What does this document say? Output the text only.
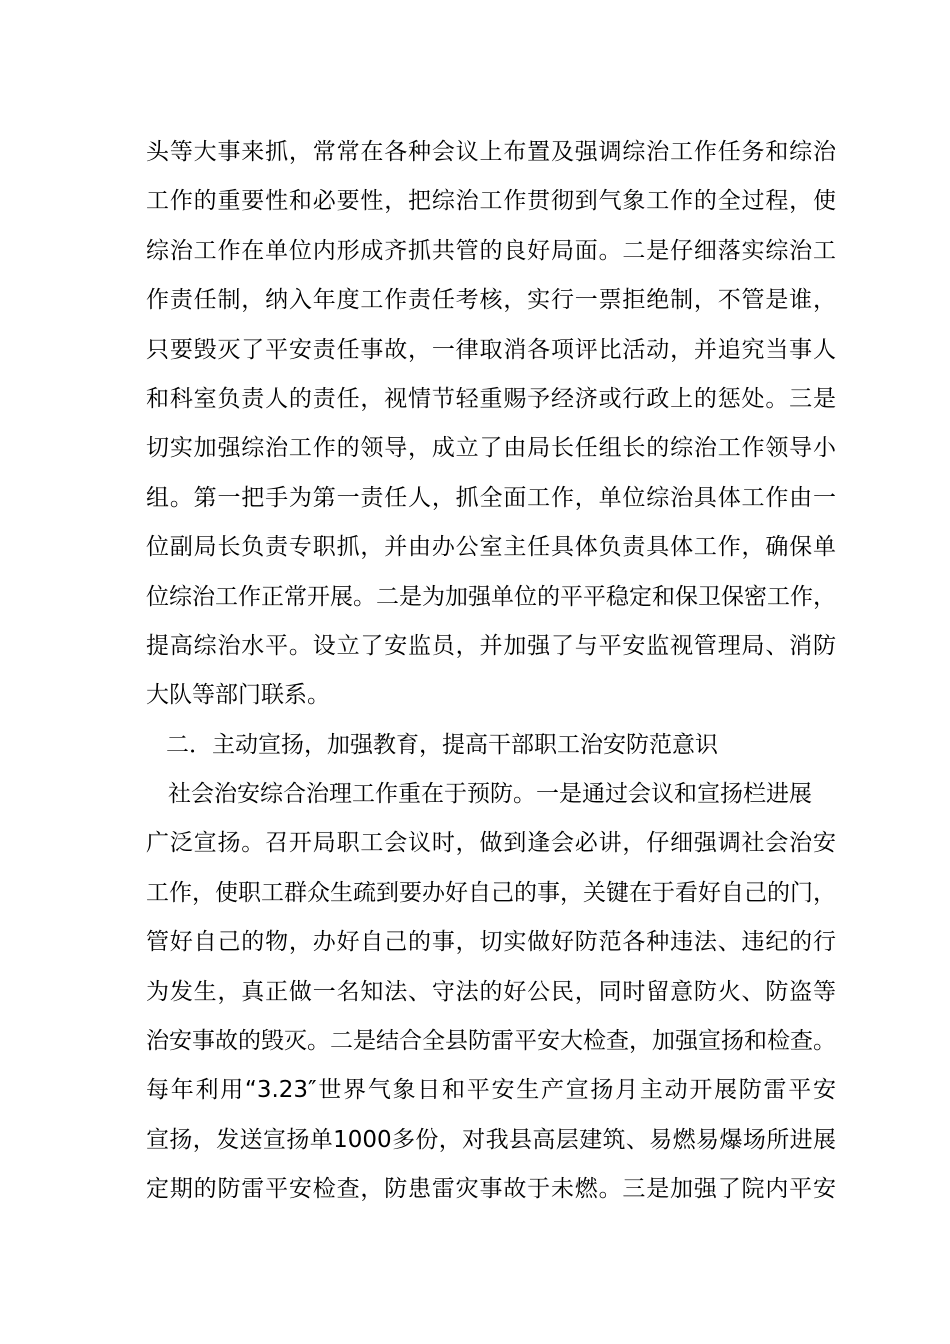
头等大事来抓，常常在各种会议上布置及强调综治工作任务和综治
工作的重要性和必要性，把综治工作贯彻到气象工作的全过程，使
综治工作在单位内形成齐抓共管的良好局面。二是仔细落实综治工
作责任制，纳入年度工作责任考核，实行一票拒绝制，不管是谁，
只要毁灭了平安责任事故，一律取消各项评比活动，并追究当事人
和科室负责人的责任，视情节轻重赐予经济或行政上的惩处。三是
切实加强综治工作的领导，成立了由局长任组长的综治工作领导小
组。第一把手为第一责任人，抓全面工作，单位综治具体工作由一
位副局长负责专职抓，并由办公室主任具体负责具体工作，确保单
位综治工作正常开展。二是为加强单位的平平稳定和保卫保密工作，
提高综治水平。设立了安监员，并加强了与平安监视管理局、消防
大队等部门联系。
二．主动宣扬，加强教育，提高干部职工治安防范意识
社会治安综合治理工作重在于预防。一是通过会议和宣扬栏进展
广泛宣扬。召开局职工会议时，做到逢会必讲，仔细强调社会治安
工作，使职工群众生疏到要办好自己的事，关键在于看好自己的门，
管好自己的物，办好自己的事，切实做好防范各种违法、违纪的行
为发生，真正做一名知法、守法的好公民，同时留意防火、防盗等
治安事故的毁灭。二是结合全县防雷平安大检查，加强宣扬和检查。
每年利用“3.23″世界气象日和平安生产宣扬月主动开展防雷平安
宣扬，发送宣扬单1000多份，对我县高层建筑、易燃易爆场所进展
定期的防雷平安检查，防患雷灾事故于未燃。三是加强了院内平安
